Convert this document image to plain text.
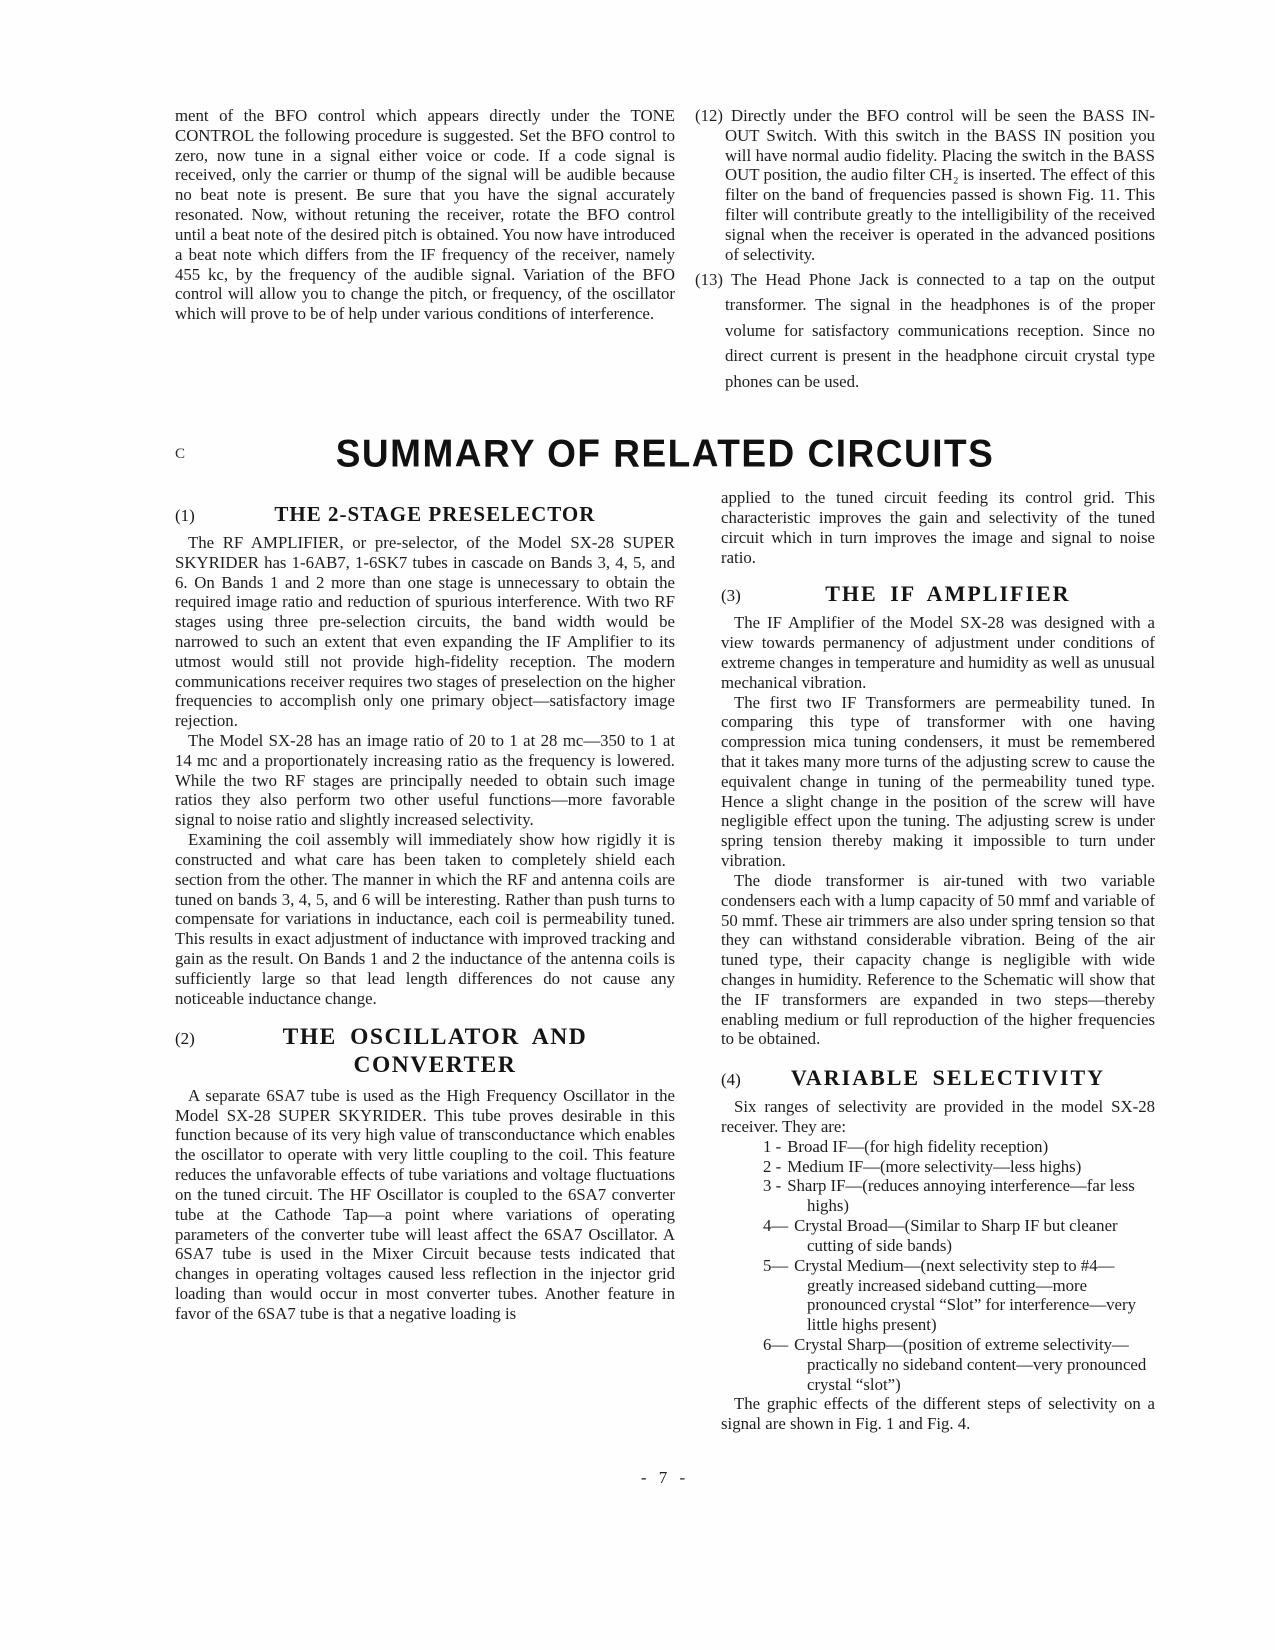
ment of the BFO control which appears directly under the TONE CONTROL the following procedure is suggested. Set the BFO control to zero, now tune in a signal either voice or code. If a code signal is received, only the carrier or thump of the signal will be audible because no beat note is present. Be sure that you have the signal accurately resonated. Now, without retuning the receiver, rotate the BFO control until a beat note of the desired pitch is obtained. You now have introduced a beat note which differs from the IF frequency of the receiver, namely 455 kc, by the frequency of the audible signal. Variation of the BFO control will allow you to change the pitch, or frequency, of the oscillator which will prove to be of help under various conditions of interference.

(12) Directly under the BFO control will be seen the BASS IN-OUT Switch. With this switch in the BASS IN position you will have normal audio fidelity. Placing the switch in the BASS OUT position, the audio filter CH₂ is inserted. The effect of this filter on the band of frequencies passed is shown Fig. 11. This filter will contribute greatly to the intelligibility of the received signal when the receiver is operated in the advanced positions of selectivity.

(13) The Head Phone Jack is connected to a tap on the output transformer. The signal in the headphones is of the proper volume for satisfactory communications reception. Since no direct current is present in the headphone circuit crystal type phones can be used.

C	SUMMARY OF RELATED CIRCUITS
(1)	THE 2-STAGE PRESELECTOR

The RF AMPLIFIER, or pre-selector, of the Model SX-28 SUPER SKYRIDER has 1-6AB7, 1-6SK7 tubes in cascade on Bands 3, 4, 5, and 6. On Bands 1 and 2 more than one stage is unnecessary to obtain the required image ratio and reduction of spurious interference. With two RF stages using three pre-selection circuits, the band width would be narrowed to such an extent that even expanding the IF Amplifier to its utmost would still not provide high-fidelity reception. The modern communications receiver requires two stages of preselection on the higher frequencies to accomplish only one primary object—satisfactory image rejection.

The Model SX-28 has an image ratio of 20 to 1 at 28 mc—350 to 1 at 14 mc and a proportionately increasing ratio as the frequency is lowered. While the two RF stages are principally needed to obtain such image ratios they also perform two other useful functions—more favorable signal to noise ratio and slightly increased selectivity.

Examining the coil assembly will immediately show how rigidly it is constructed and what care has been taken to completely shield each section from the other. The manner in which the RF and antenna coils are tuned on bands 3, 4, 5, and 6 will be interesting. Rather than push turns to compensate for variations in inductance, each coil is permeability tuned. This results in exact adjustment of inductance with improved tracking and gain as the result. On Bands 1 and 2 the inductance of the antenna coils is sufficiently large so that lead length differences do not cause any noticeable inductance change.

(2)	THE OSCILLATOR AND CONVERTER

A separate 6SA7 tube is used as the High Frequency Oscillator in the Model SX-28 SUPER SKYRIDER. This tube proves desirable in this function because of its very high value of transconductance which enables the oscillator to operate with very little coupling to the coil. This feature reduces the unfavorable effects of tube variations and voltage fluctuations on the tuned circuit. The HF Oscillator is coupled to the 6SA7 converter tube at the Cathode Tap—a point where variations of operating parameters of the converter tube will least affect the 6SA7 Oscillator. A 6SA7 tube is used in the Mixer Circuit because tests indicated that changes in operating voltages caused less reflection in the injector grid loading than would occur in most converter tubes. Another feature in favor of the 6SA7 tube is that a negative loading is

applied to the tuned circuit feeding its control grid. This characteristic improves the gain and selectivity of the tuned circuit which in turn improves the image and signal to noise ratio.

(3)	THE IF AMPLIFIER

The IF Amplifier of the Model SX-28 was designed with a view towards permanency of adjustment under conditions of extreme changes in temperature and humidity as well as unusual mechanical vibration.

The first two IF Transformers are permeability tuned. In comparing this type of transformer with one having compression mica tuning condensers, it must be remembered that it takes many more turns of the adjusting screw to cause the equivalent change in tuning of the permeability tuned type. Hence a slight change in the position of the screw will have negligible effect upon the tuning. The adjusting screw is under spring tension thereby making it impossible to turn under vibration.

The diode transformer is air-tuned with two variable condensers each with a lump capacity of 50 mmf and variable of 50 mmf. These air trimmers are also under spring tension so that they can withstand considerable vibration. Being of the air tuned type, their capacity change is negligible with wide changes in humidity. Reference to the Schematic will show that the IF transformers are expanded in two steps—thereby enabling medium or full reproduction of the higher frequencies to be obtained.

(4)	VARIABLE SELECTIVITY

Six ranges of selectivity are provided in the model SX-28 receiver. They are:

1 - Broad IF—(for high fidelity reception)

2 - Medium IF—(more selectivity—less highs)

3 - Sharp IF—(reduces annoying interference—far less highs)

4— Crystal Broad—(Similar to Sharp IF but cleaner cutting of side bands)

5— Crystal Medium—(next selectivity step to #4— greatly increased sideband cutting—more pronounced crystal “Slot” for interference—very little highs present)

6— Crystal Sharp—(position of extreme selectivity— practically no sideband content—very pronounced crystal “slot”)

The graphic effects of the different steps of selectivity on a signal are shown in Fig. 1 and Fig. 4.

- 7 -
